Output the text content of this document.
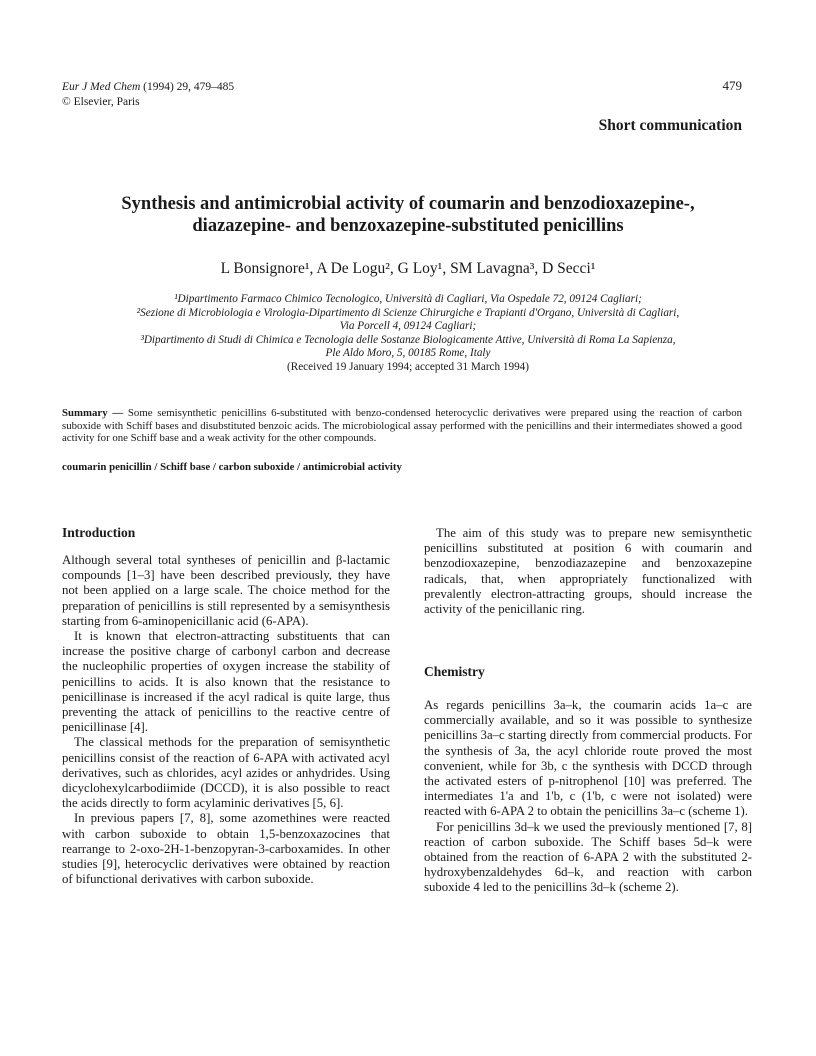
Eur J Med Chem (1994) 29, 479–485
© Elsevier, Paris
479
Short communication
Synthesis and antimicrobial activity of coumarin and benzodioxazepine-,
diazazepine- and benzoxazepine-substituted penicillins
L Bonsignore¹, A De Logu², G Loy¹, SM Lavagna³, D Secci¹
¹Dipartimento Farmaco Chimico Tecnologico, Università di Cagliari, Via Ospedale 72, 09124 Cagliari;
²Sezione di Microbiologia e Virologia-Dipartimento di Scienze Chirurgiche e Trapianti d'Organo, Università di Cagliari,
Via Porcell 4, 09124 Cagliari;
³Dipartimento di Studi di Chimica e Tecnologia delle Sostanze Biologicamente Attive, Università di Roma La Sapienza,
Ple Aldo Moro, 5, 00185 Rome, Italy
(Received 19 January 1994; accepted 31 March 1994)
Summary — Some semisynthetic penicillins 6-substituted with benzo-condensed heterocyclic derivatives were prepared using the reaction of carbon suboxide with Schiff bases and disubstituted benzoic acids. The microbiological assay performed with the penicillins and their intermediates showed a good activity for one Schiff base and a weak activity for the other compounds.
coumarin penicillin / Schiff base / carbon suboxide / antimicrobial activity
Introduction

Although several total syntheses of penicillin and β-lactamic compounds [1–3] have been described previously, they have not been applied on a large scale. The choice method for the preparation of penicillins is still represented by a semisynthesis starting from 6-aminopenicillanic acid (6-APA).

It is known that electron-attracting substituents that can increase the positive charge of carbonyl carbon and decrease the nucleophilic properties of oxygen increase the stability of penicillins to acids. It is also known that the resistance to penicillinase is increased if the acyl radical is quite large, thus preventing the attack of penicillins to the reactive centre of penicillinase [4].

The classical methods for the preparation of semisynthetic penicillins consist of the reaction of 6-APA with activated acyl derivatives, such as chlorides, acyl azides or anhydrides. Using dicyclohexylcarbodiimide (DCCD), it is also possible to react the acids directly to form acylaminic derivatives [5, 6].

In previous papers [7, 8], some azomethines were reacted with carbon suboxide to obtain 1,5-benzoxazocines that rearrange to 2-oxo-2H-1-benzopyran-3-carboxamides. In other studies [9], heterocyclic derivatives were obtained by reaction of bifunctional derivatives with carbon suboxide.

The aim of this study was to prepare new semisynthetic penicillins substituted at position 6 with coumarin and benzodioxazepine, benzodiazazepine and benzoxazepine radicals, that, when appropriately functionalized with prevalently electron-attracting groups, should increase the activity of the penicillanic ring.

Chemistry

As regards penicillins 3a–k, the coumarin acids 1a–c are commercially available, and so it was possible to synthesize penicillins 3a–c starting directly from commercial products. For the synthesis of 3a, the acyl chloride route proved the most convenient, while for 3b, c the synthesis with DCCD through the activated esters of p-nitrophenol [10] was preferred. The intermediates 1'a and 1'b, c (1'b, c were not isolated) were reacted with 6-APA 2 to obtain the penicillins 3a–c (scheme 1).

For penicillins 3d–k we used the previously mentioned [7, 8] reaction of carbon suboxide. The Schiff bases 5d–k were obtained from the reaction of 6-APA 2 with the substituted 2-hydroxybenzaldehydes 6d–k, and reaction with carbon suboxide 4 led to the penicillins 3d–k (scheme 2).
